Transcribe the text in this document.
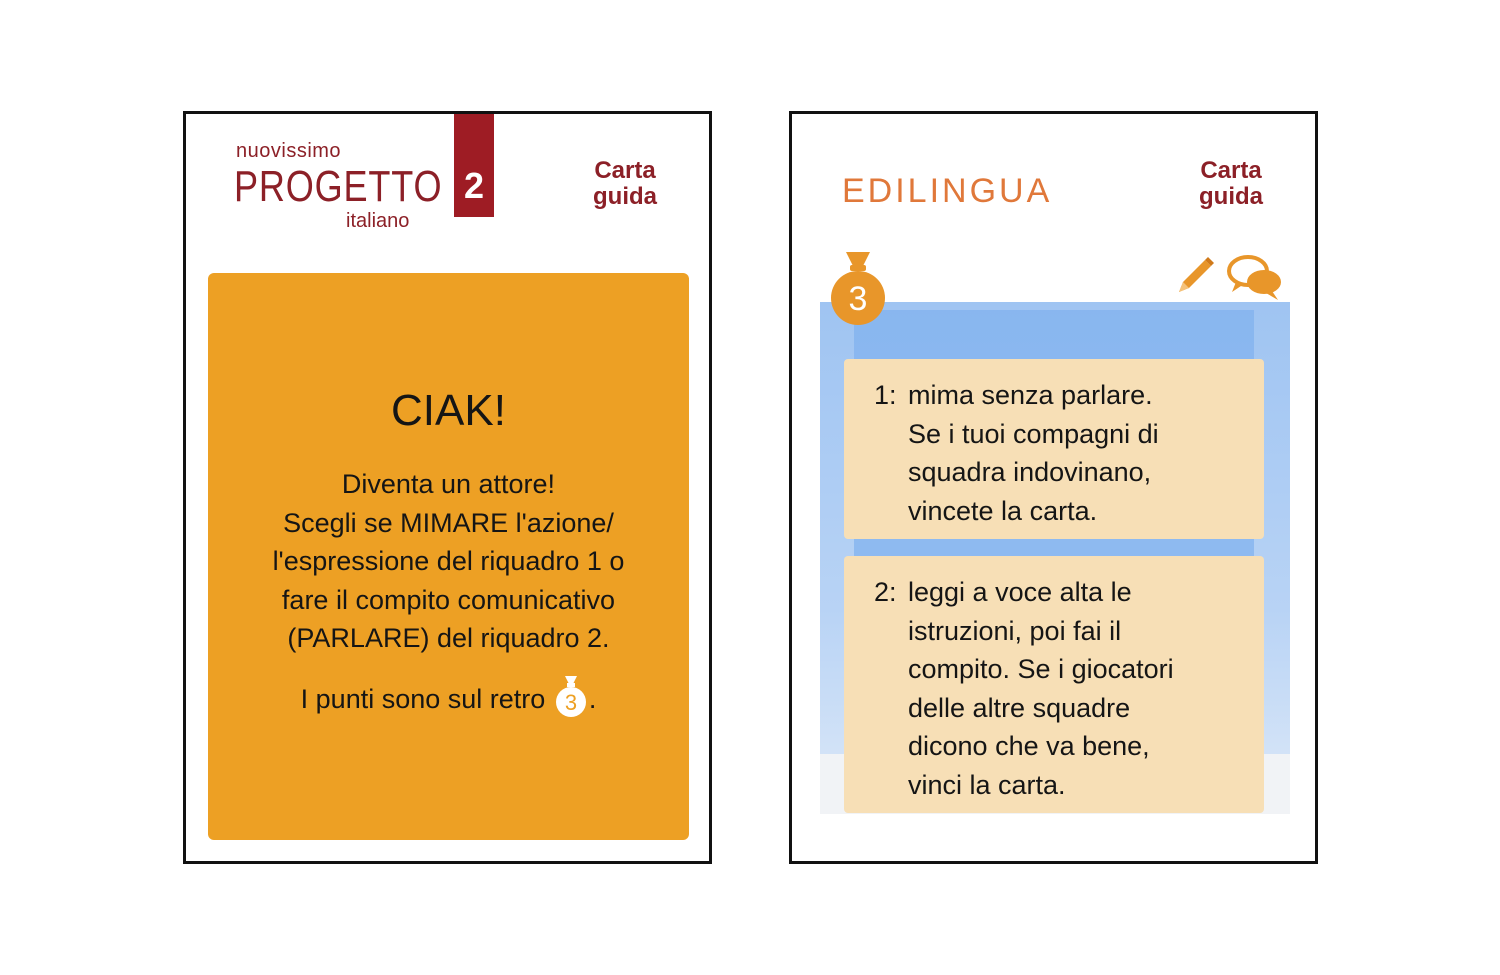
nuovissimo
PROGETTO
italiano
2	Carta
guida
CIAK!
Diventa un attore!
Scegli se MIMARE l'azione/
l'espressione del riquadro 1 o
fare il compito comunicativo
(PARLARE) del riquadro 2.
I punti sono sul retro 3 .
EDILINGUA
Carta
guida
3
1: mima senza parlare.
Se i tuoi compagni di
squadra indovinano,
vincete la carta.
2: leggi a voce alta le
istruzioni, poi fai il
compito. Se i giocatori
delle altre squadre
dicono che va bene,
vinci la carta.
